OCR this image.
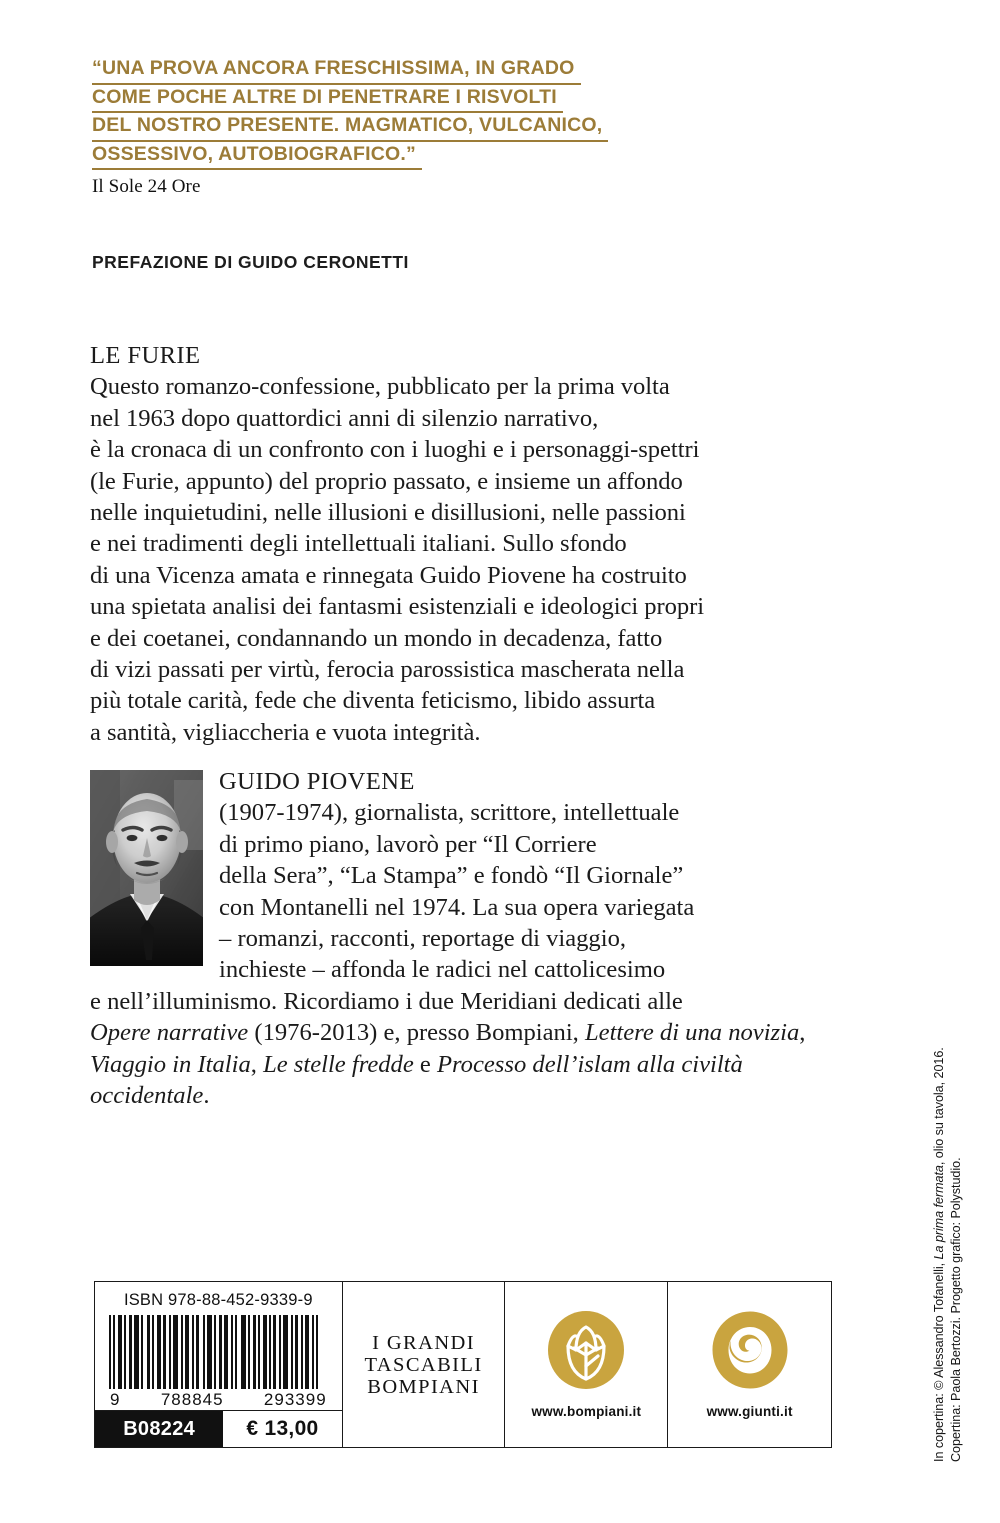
“UNA PROVA ANCORA FRESCHISSIMA, IN GRADO
COME POCHE ALTRE DI PENETRARE I RISVOLTI
DEL NOSTRO PRESENTE. MAGMATICO, VULCANICO,
OSSESSIVO, AUTOBIOGRAFICO.”
Il Sole 24 Ore
PREFAZIONE DI GUIDO CERONETTI
LE FURIE
Questo romanzo-confessione, pubblicato per la prima volta
nel 1963 dopo quattordici anni di silenzio narrativo,
è la cronaca di un confronto con i luoghi e i personaggi-spettri
(le Furie, appunto) del proprio passato, e insieme un affondo
nelle inquietudini, nelle illusioni e disillusioni, nelle passioni
e nei tradimenti degli intellettuali italiani. Sullo sfondo
di una Vicenza amata e rinnegata Guido Piovene ha costruito
una spietata analisi dei fantasmi esistenziali e ideologici propri
e dei coetanei, condannando un mondo in decadenza, fatto
di vizi passati per virtù, ferocia parossistica mascherata nella
più totale carità, fede che diventa feticismo, libido assurta
a santità, vigliaccheria e vuota integrità.
GUIDO PIOVENE
(1907-1974), giornalista, scrittore, intellettuale
di primo piano, lavorò per “Il Corriere
della Sera”, “La Stampa” e fondò “Il Giornale”
con Montanelli nel 1974. La sua opera variegata
– romanzi, racconti, reportage di viaggio,
inchieste – affonda le radici nel cattolicesimo
e nell’illuminismo. Ricordiamo i due Meridiani dedicati alle
Opere narrative (1976-2013) e, presso Bompiani, Lettere di una novizia, Viaggio in Italia, Le stelle fredde e Processo dell’islam alla civiltà occidentale.
In copertina: © Alessandro Tofanelli, La prima fermata, olio su tavola, 2016.
Copertina: Paola Bertozzi. Progetto grafico: Polystudio.
ISBN 978-88-452-9339-9
9 788845 293399
B08224	€ 13,00
I GRANDI
TASCABILI
BOMPIANI
www.bompiani.it	www.giunti.it
